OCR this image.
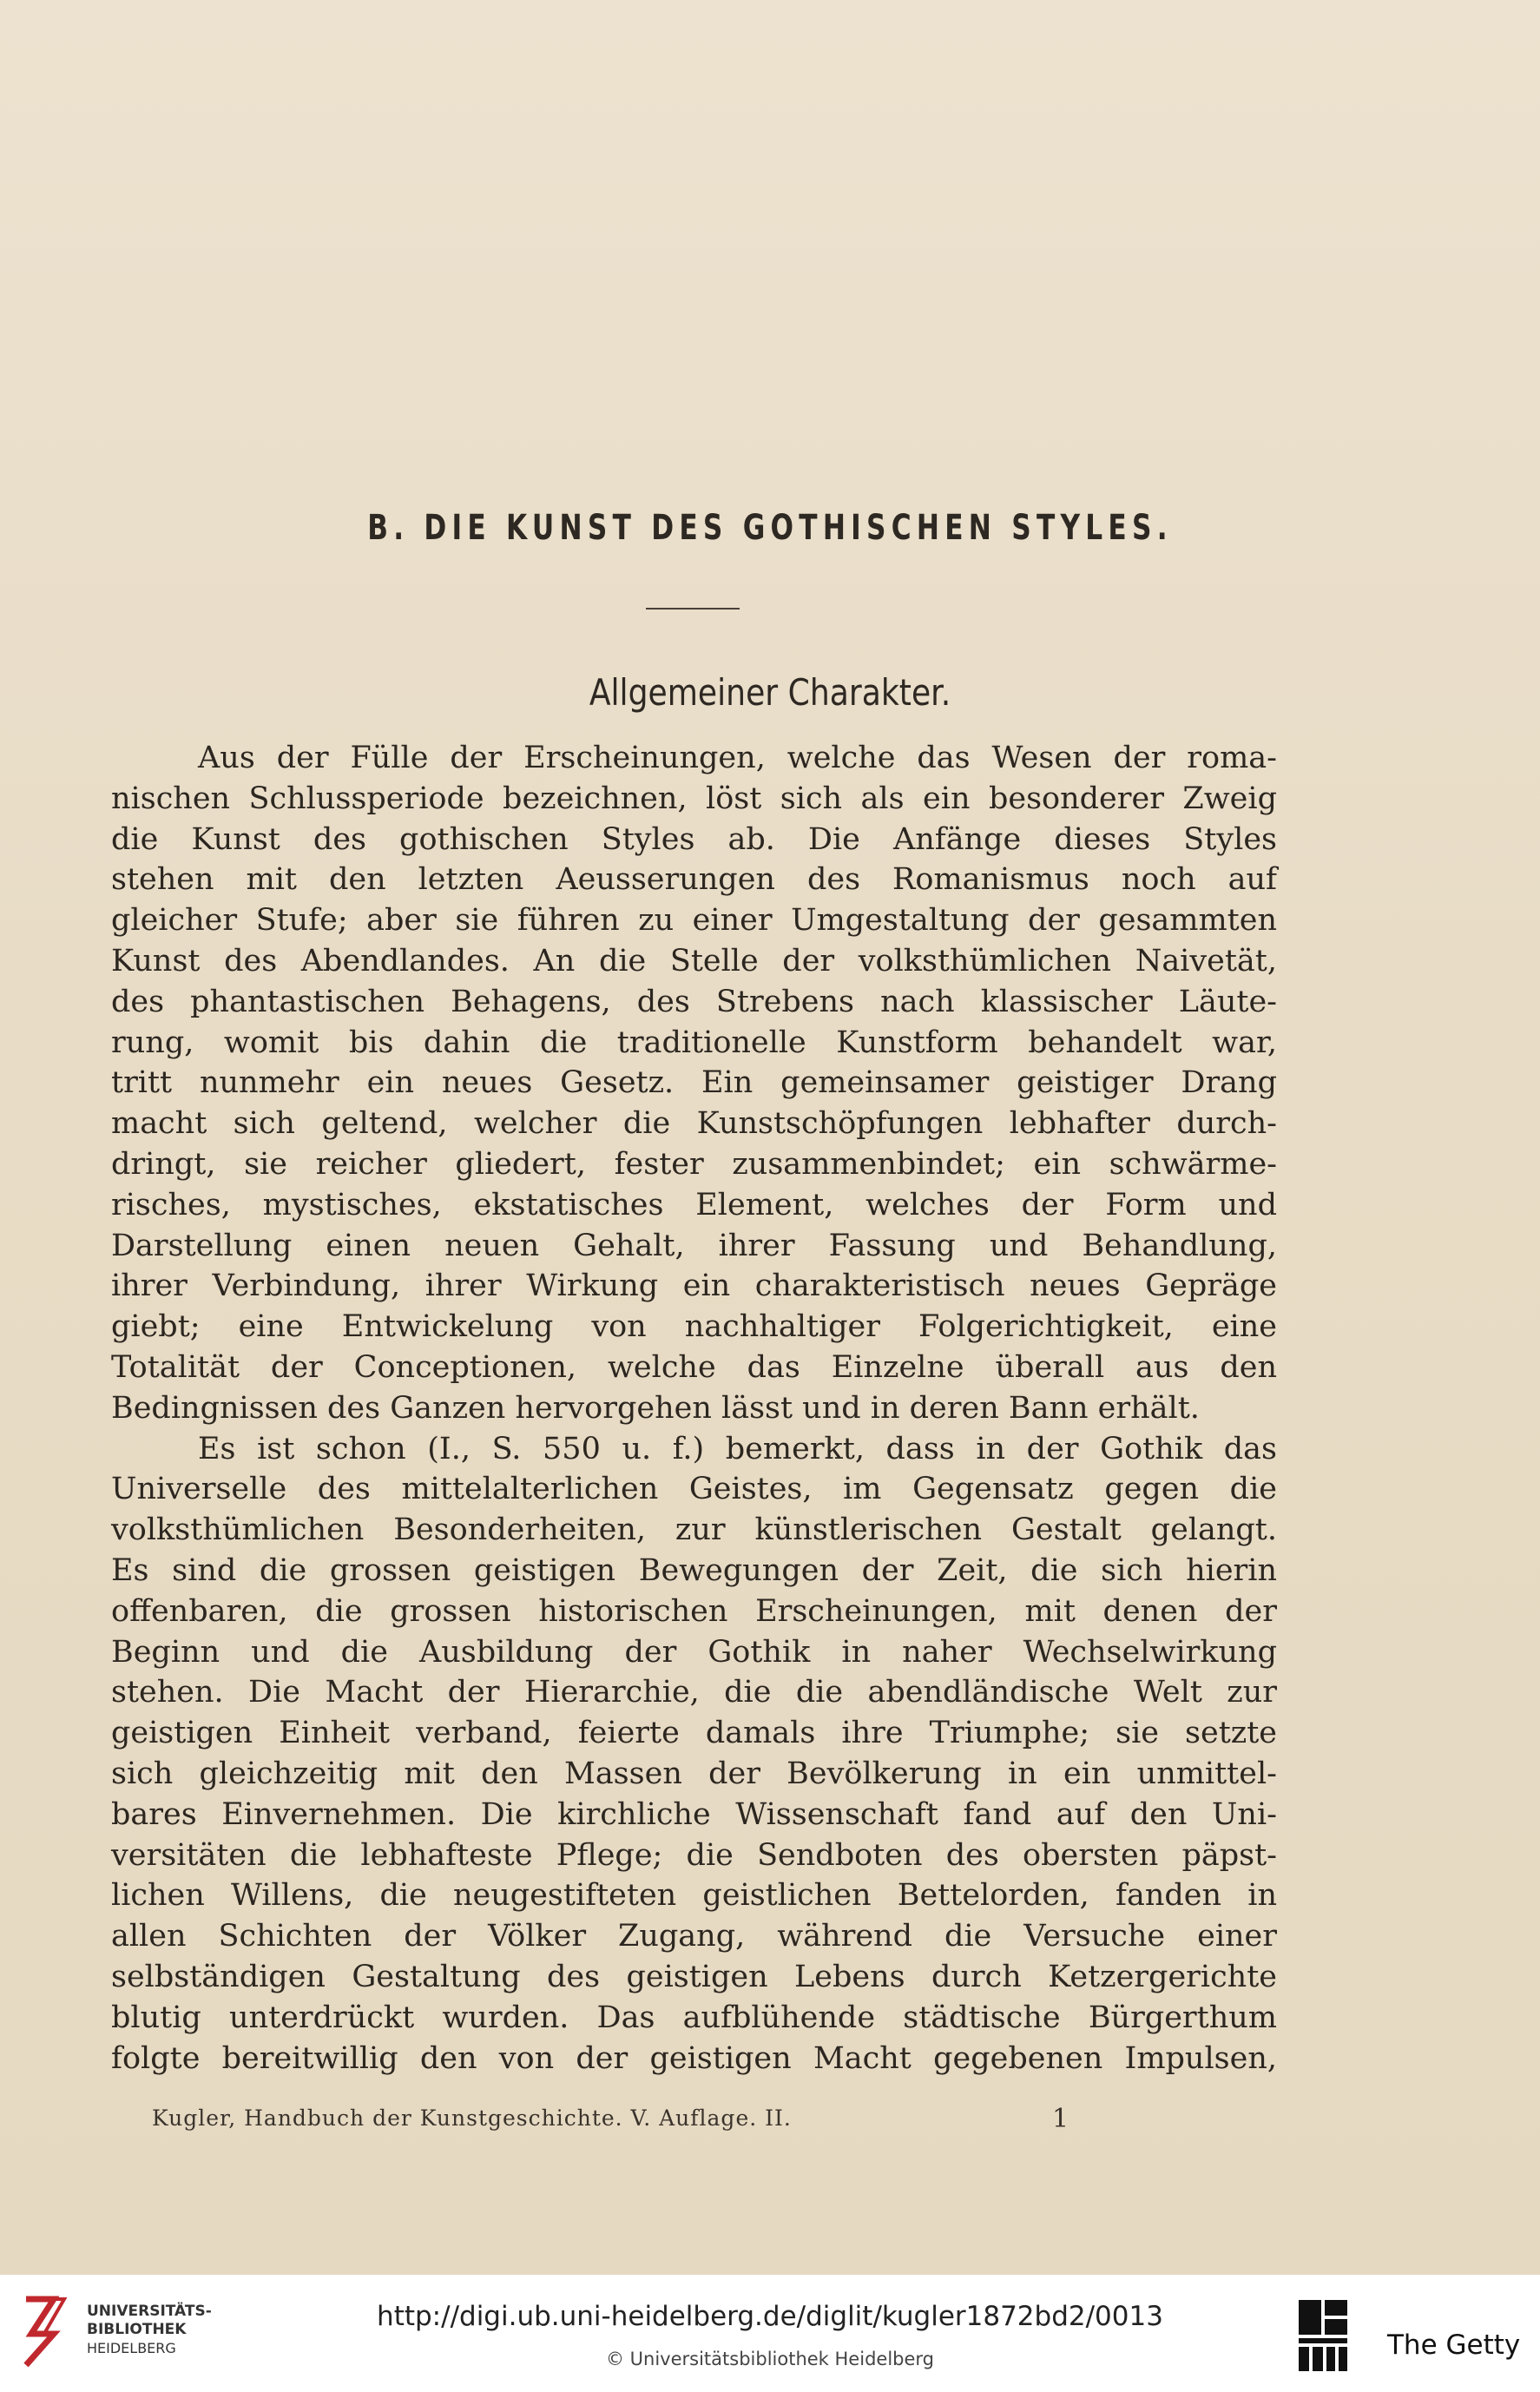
B. DIE KUNST DES GOTHISCHEN STYLES.
Allgemeiner Charakter.
Aus der Fülle der Erscheinungen, welche das Wesen der roma-
nischen Schlussperiode bezeichnen, löst sich als ein besonderer Zweig
die Kunst des gothischen Styles ab. Die Anfänge dieses Styles
stehen mit den letzten Aeusserungen des Romanismus noch auf
gleicher Stufe; aber sie führen zu einer Umgestaltung der gesammten
Kunst des Abendlandes. An die Stelle der volksthümlichen Naivetät,
des phantastischen Behagens, des Strebens nach klassischer Läute-
rung, womit bis dahin die traditionelle Kunstform behandelt war,
tritt nunmehr ein neues Gesetz. Ein gemeinsamer geistiger Drang
macht sich geltend, welcher die Kunstschöpfungen lebhafter durch-
dringt, sie reicher gliedert, fester zusammenbindet; ein schwärme-
risches, mystisches, ekstatisches Element, welches der Form und
Darstellung einen neuen Gehalt, ihrer Fassung und Behandlung,
ihrer Verbindung, ihrer Wirkung ein charakteristisch neues Gepräge
giebt; eine Entwickelung von nachhaltiger Folgerichtigkeit, eine
Totalität der Conceptionen, welche das Einzelne überall aus den
Bedingnissen des Ganzen hervorgehen lässt und in deren Bann erhält.
Es ist schon (I., S. 550 u. f.) bemerkt, dass in der Gothik das
Universelle des mittelalterlichen Geistes, im Gegensatz gegen die
volksthümlichen Besonderheiten, zur künstlerischen Gestalt gelangt.
Es sind die grossen geistigen Bewegungen der Zeit, die sich hierin
offenbaren, die grossen historischen Erscheinungen, mit denen der
Beginn und die Ausbildung der Gothik in naher Wechselwirkung
stehen. Die Macht der Hierarchie, die die abendländische Welt zur
geistigen Einheit verband, feierte damals ihre Triumphe; sie setzte
sich gleichzeitig mit den Massen der Bevölkerung in ein unmittel-
bares Einvernehmen. Die kirchliche Wissenschaft fand auf den Uni-
versitäten die lebhafteste Pflege; die Sendboten des obersten päpst-
lichen Willens, die neugestifteten geistlichen Bettelorden, fanden in
allen Schichten der Völker Zugang, während die Versuche einer
selbständigen Gestaltung des geistigen Lebens durch Ketzergerichte
blutig unterdrückt wurden. Das aufblühende städtische Bürgerthum
folgte bereitwillig den von der geistigen Macht gegebenen Impulsen,
Kugler, Handbuch der Kunstgeschichte. V. Auflage. II.	1
UNIVERSITÄTS-
BIBLIOTHEK
HEIDELBERG
http://digi.ub.uni-heidelberg.de/diglit/kugler1872bd2/0013
© Universitätsbibliothek Heidelberg	The Getty
